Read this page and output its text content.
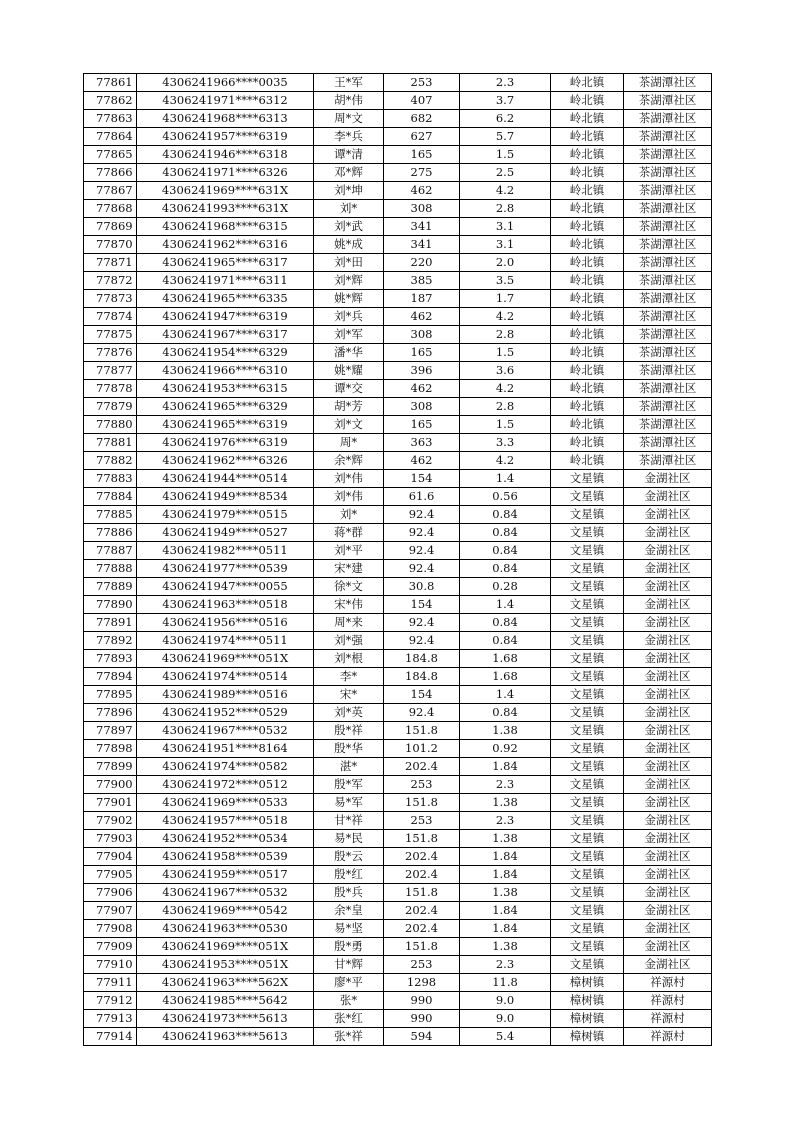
77861	4306241966****0035	王*军	253	2.3	岭北镇	茶湖潭社区
77862	4306241971****6312	胡*伟	407	3.7	岭北镇	茶湖潭社区
77863	4306241968****6313	周*文	682	6.2	岭北镇	茶湖潭社区
77864	4306241957****6319	李*兵	627	5.7	岭北镇	茶湖潭社区
77865	4306241946****6318	谭*清	165	1.5	岭北镇	茶湖潭社区
77866	4306241971****6326	邓*辉	275	2.5	岭北镇	茶湖潭社区
77867	4306241969****631X	刘*坤	462	4.2	岭北镇	茶湖潭社区
77868	4306241993****631X	刘*	308	2.8	岭北镇	茶湖潭社区
77869	4306241968****6315	刘*武	341	3.1	岭北镇	茶湖潭社区
77870	4306241962****6316	姚*成	341	3.1	岭北镇	茶湖潭社区
77871	4306241965****6317	刘*田	220	2.0	岭北镇	茶湖潭社区
77872	4306241971****6311	刘*辉	385	3.5	岭北镇	茶湖潭社区
77873	4306241965****6335	姚*辉	187	1.7	岭北镇	茶湖潭社区
77874	4306241947****6319	刘*兵	462	4.2	岭北镇	茶湖潭社区
77875	4306241967****6317	刘*军	308	2.8	岭北镇	茶湖潭社区
77876	4306241954****6329	潘*华	165	1.5	岭北镇	茶湖潭社区
77877	4306241966****6310	姚*耀	396	3.6	岭北镇	茶湖潭社区
77878	4306241953****6315	谭*交	462	4.2	岭北镇	茶湖潭社区
77879	4306241965****6329	胡*芳	308	2.8	岭北镇	茶湖潭社区
77880	4306241965****6319	刘*文	165	1.5	岭北镇	茶湖潭社区
77881	4306241976****6319	周*	363	3.3	岭北镇	茶湖潭社区
77882	4306241962****6326	余*辉	462	4.2	岭北镇	茶湖潭社区
77883	4306241944****0514	刘*伟	154	1.4	文星镇	金湖社区
77884	4306241949****8534	刘*伟	61.6	0.56	文星镇	金湖社区
77885	4306241979****0515	刘*	92.4	0.84	文星镇	金湖社区
77886	4306241949****0527	蒋*群	92.4	0.84	文星镇	金湖社区
77887	4306241982****0511	刘*平	92.4	0.84	文星镇	金湖社区
77888	4306241977****0539	宋*建	92.4	0.84	文星镇	金湖社区
77889	4306241947****0055	徐*文	30.8	0.28	文星镇	金湖社区
77890	4306241963****0518	宋*伟	154	1.4	文星镇	金湖社区
77891	4306241956****0516	周*来	92.4	0.84	文星镇	金湖社区
77892	4306241974****0511	刘*强	92.4	0.84	文星镇	金湖社区
77893	4306241969****051X	刘*根	184.8	1.68	文星镇	金湖社区
77894	4306241974****0514	李*	184.8	1.68	文星镇	金湖社区
77895	4306241989****0516	宋*	154	1.4	文星镇	金湖社区
77896	4306241952****0529	刘*英	92.4	0.84	文星镇	金湖社区
77897	4306241967****0532	殷*祥	151.8	1.38	文星镇	金湖社区
77898	4306241951****8164	殷*华	101.2	0.92	文星镇	金湖社区
77899	4306241974****0582	湛*	202.4	1.84	文星镇	金湖社区
77900	4306241972****0512	殷*军	253	2.3	文星镇	金湖社区
77901	4306241969****0533	易*军	151.8	1.38	文星镇	金湖社区
77902	4306241957****0518	甘*祥	253	2.3	文星镇	金湖社区
77903	4306241952****0534	易*民	151.8	1.38	文星镇	金湖社区
77904	4306241958****0539	殷*云	202.4	1.84	文星镇	金湖社区
77905	4306241959****0517	殷*红	202.4	1.84	文星镇	金湖社区
77906	4306241967****0532	殷*兵	151.8	1.38	文星镇	金湖社区
77907	4306241969****0542	余*皇	202.4	1.84	文星镇	金湖社区
77908	4306241963****0530	易*坚	202.4	1.84	文星镇	金湖社区
77909	4306241969****051X	殷*勇	151.8	1.38	文星镇	金湖社区
77910	4306241953****051X	甘*辉	253	2.3	文星镇	金湖社区
77911	4306241963****562X	廖*平	1298	11.8	樟树镇	祥源村
77912	4306241985****5642	张*	990	9.0	樟树镇	祥源村
77913	4306241973****5613	张*红	990	9.0	樟树镇	祥源村
77914	4306241963****5613	张*祥	594	5.4	樟树镇	祥源村
